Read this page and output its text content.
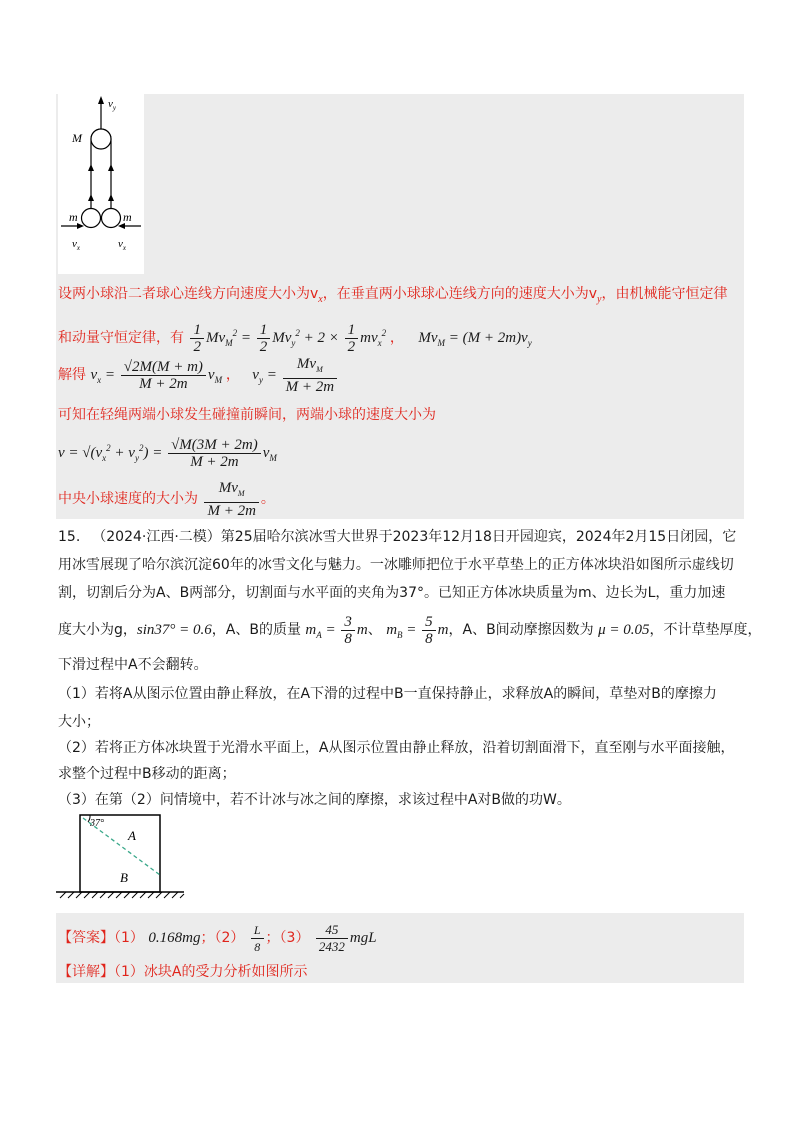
$v_y$
M
m	m
$v_x$	$v_x$
设两小球沿二者球心连线方向速度大小为$v_x$，在垂直两小球球心连线方向的速度大小为$v_y$，由机械能守恒定律
和动量守恒定律，有 $\frac{1}{2} Mv_M^2 = \frac{1}{2} Mv_y^2 + 2 \times \frac{1}{2} mv_x^2$ ， $Mv_M = (M + 2m)v_y$
解得 $v_x = \frac{√2M(M + m)}{M + 2m} v_M$ ， $v_y = \frac{Mv_M}{M + 2m}$
可知在轻绳两端小球发生碰撞前瞬间，两端小球的速度大小为
$v = √(v_x^2 + v_y^2) = \frac{√M(3M + 2m)}{M + 2m} v_M$
中央小球速度的大小为 $\frac{Mv_M}{M + 2m}$ 。
15. （2024·江西·二模）第25届哈尔滨冰雪大世界于2023年12月18日开园迎宾，2024年2月15日闭园，它
用冰雪展现了哈尔滨沉淀60年的冰雪文化与魅力。一冰雕师把位于水平草垫上的正方体冰块沿如图所示虚线切
割，切割后分为A、B两部分，切割面与水平面的夹角为37°。已知正方体冰块质量为m、边长为L，重力加速
度大小为g，sin37° = 0.6，A、B的质量 $m_A = \frac{3}{8}$ m、 $m_B = \frac{5}{8}$ m，A、B间动摩擦因数为 μ = 0.05，不计草垫厚度，
下滑过程中A不会翻转。
（1）若将A从图示位置由静止释放，在A下滑的过程中B一直保持静止，求释放A的瞬间，草垫对B的摩擦力
大小；
（2）若将正方体冰块置于光滑水平面上，A从图示位置由静止释放，沿着切割面滑下，直至刚与水平面接触，
求整个过程中B移动的距离；
（3）在第（2）问情境中，若不计冰与冰之间的摩擦，求该过程中A对B做的功W。
37°
A
B
【答案】（1） 0.168mg；$(2) \frac{L}{8}$ ；$(3) \frac{45}{2432}$ mgL
【详解】（1）冰块A的受力分析如图所示
